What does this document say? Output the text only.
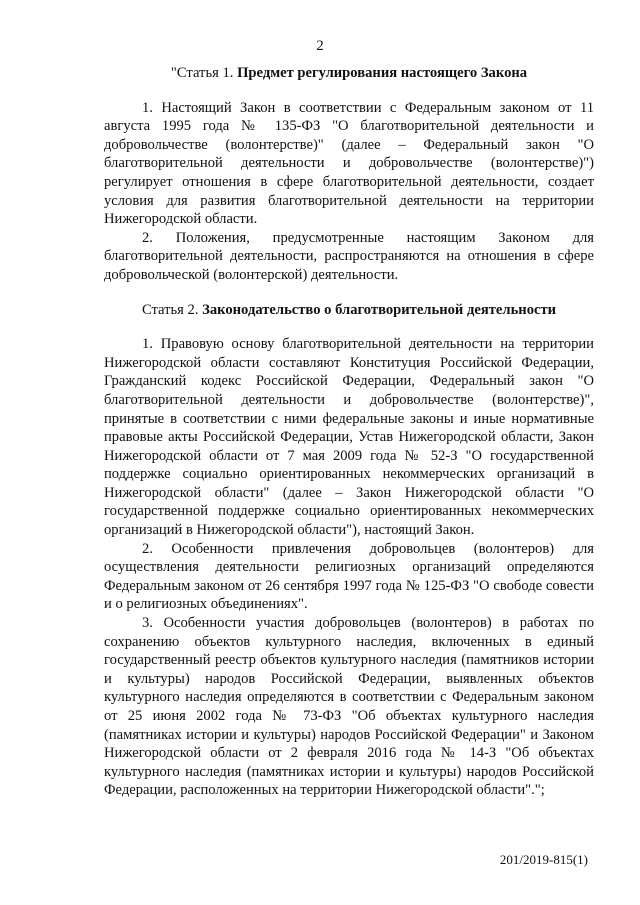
2
"Статья 1. Предмет регулирования настоящего Закона

1. Настоящий Закон в соответствии с Федеральным законом от 11 августа 1995 года № 135-ФЗ "О благотворительной деятельности и добровольчестве (волонтерстве)" (далее – Федеральный закон "О благотворительной деятельности и добровольчестве (волонтерстве)") регулирует отношения в сфере благотворительной деятельности, создает условия для развития благотворительной деятельности на территории Нижегородской области.

2. Положения, предусмотренные настоящим Законом для благотворительной деятельности, распространяются на отношения в сфере добровольческой (волонтерской) деятельности.

Статья 2. Законодательство о благотворительной деятельности

1. Правовую основу благотворительной деятельности на территории Нижегородской области составляют Конституция Российской Федерации, Гражданский кодекс Российской Федерации, Федеральный закон "О благотворительной деятельности и добровольчестве (волонтерстве)", принятые в соответствии с ними федеральные законы и иные нормативные правовые акты Российской Федерации, Устав Нижегородской области, Закон Нижегородской области от 7 мая 2009 года № 52-З "О государственной поддержке социально ориентированных некоммерческих организаций в Нижегородской области" (далее – Закон Нижегородской области "О государственной поддержке социально ориентированных некоммерческих организаций в Нижегородской области"), настоящий Закон.

2. Особенности привлечения добровольцев (волонтеров) для осуществления деятельности религиозных организаций определяются Федеральным законом от 26 сентября 1997 года № 125-ФЗ "О свободе совести и о религиозных объединениях".

3. Особенности участия добровольцев (волонтеров) в работах по сохранению объектов культурного наследия, включенных в единый государственный реестр объектов культурного наследия (памятников истории и культуры) народов Российской Федерации, выявленных объектов культурного наследия определяются в соответствии с Федеральным законом от 25 июня 2002 года № 73-ФЗ "Об объектах культурного наследия (памятниках истории и культуры) народов Российской Федерации" и Законом Нижегородской области от 2 февраля 2016 года № 14-З "Об объектах культурного наследия (памятниках истории и культуры) народов Российской Федерации, расположенных на территории Нижегородской области".";

201/2019-815(1)
